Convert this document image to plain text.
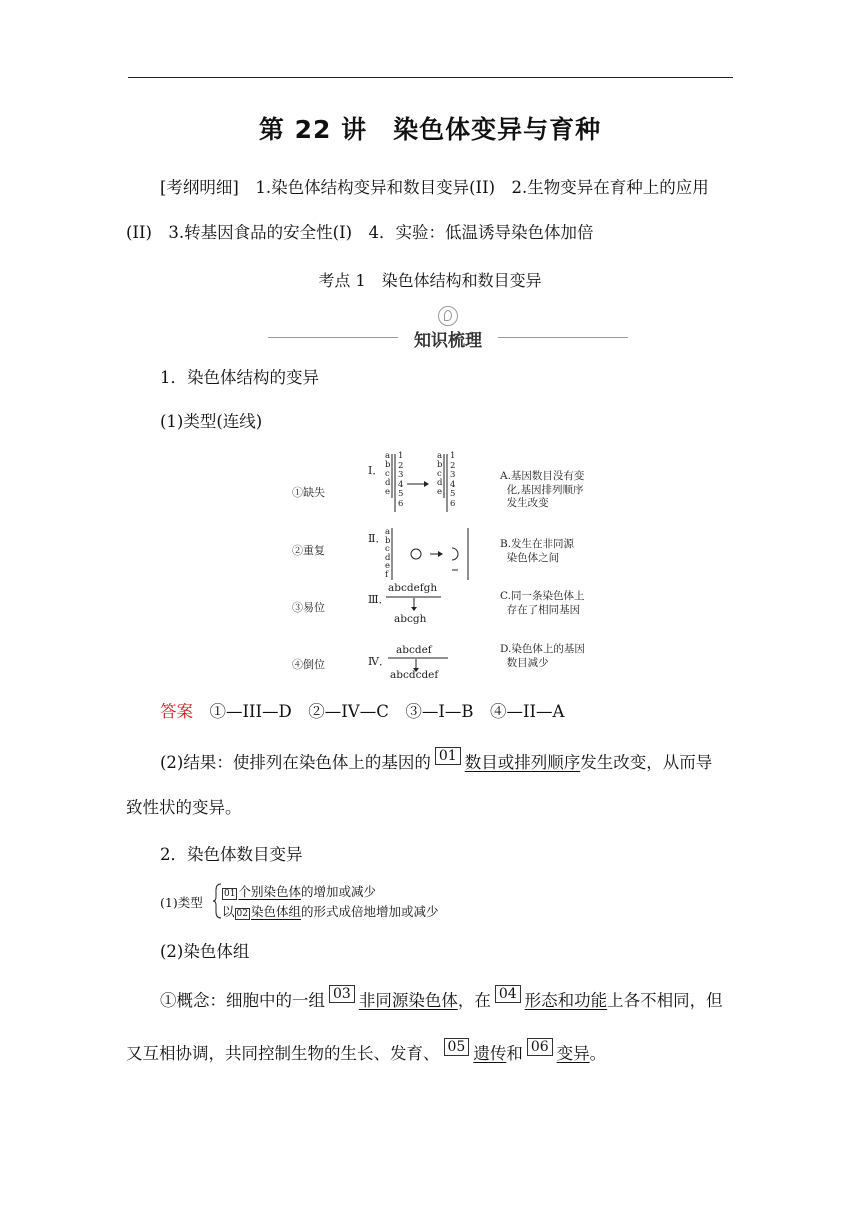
第 22 讲　染色体变异与育种
[考纲明细]　1.染色体结构变异和数目变异(II)　2.生物变异在育种上的应用
(II)　3.转基因食品的安全性(I)　4．实验：低温诱导染色体加倍
考点 1　染色体结构和数目变异
知识梳理
1．染色体结构的变异
(1)类型(连线)
①缺失
②重复
③易位
④倒位
Ⅰ．
Ⅱ．
Ⅲ．
Ⅳ．
a
b
c
d
e
1
2
3
4
5
6
a
b
c
d
e
1
2
3
4
5
6
a
b
c
d
e
f
abcdefgh
abcgh
abcdef
abcdcdef
A.基因数目没有变
化,基因排列顺序
发生改变
B.发生在非同源
染色体之间
C.同一条染色体上
存在了相同基因
D.染色体上的基因
数目减少
答案　 ①—III—D　②—IV—C　③—I—B　④—II—A
(2)结果：使排列在染色体上的基因的 01 数目或排列顺序发生改变，从而导
致性状的变异。
2．染色体数目变异
(1)类型
01 个别染色体的增加或减少
以 02 染色体组的形式成倍地增加或减少
(2)染色体组
①概念：细胞中的一组 03 非同源染色体，在 04 形态和功能上各不相同，但
又互相协调，共同控制生物的生长、发育、 05 遗传和 06 变异。
